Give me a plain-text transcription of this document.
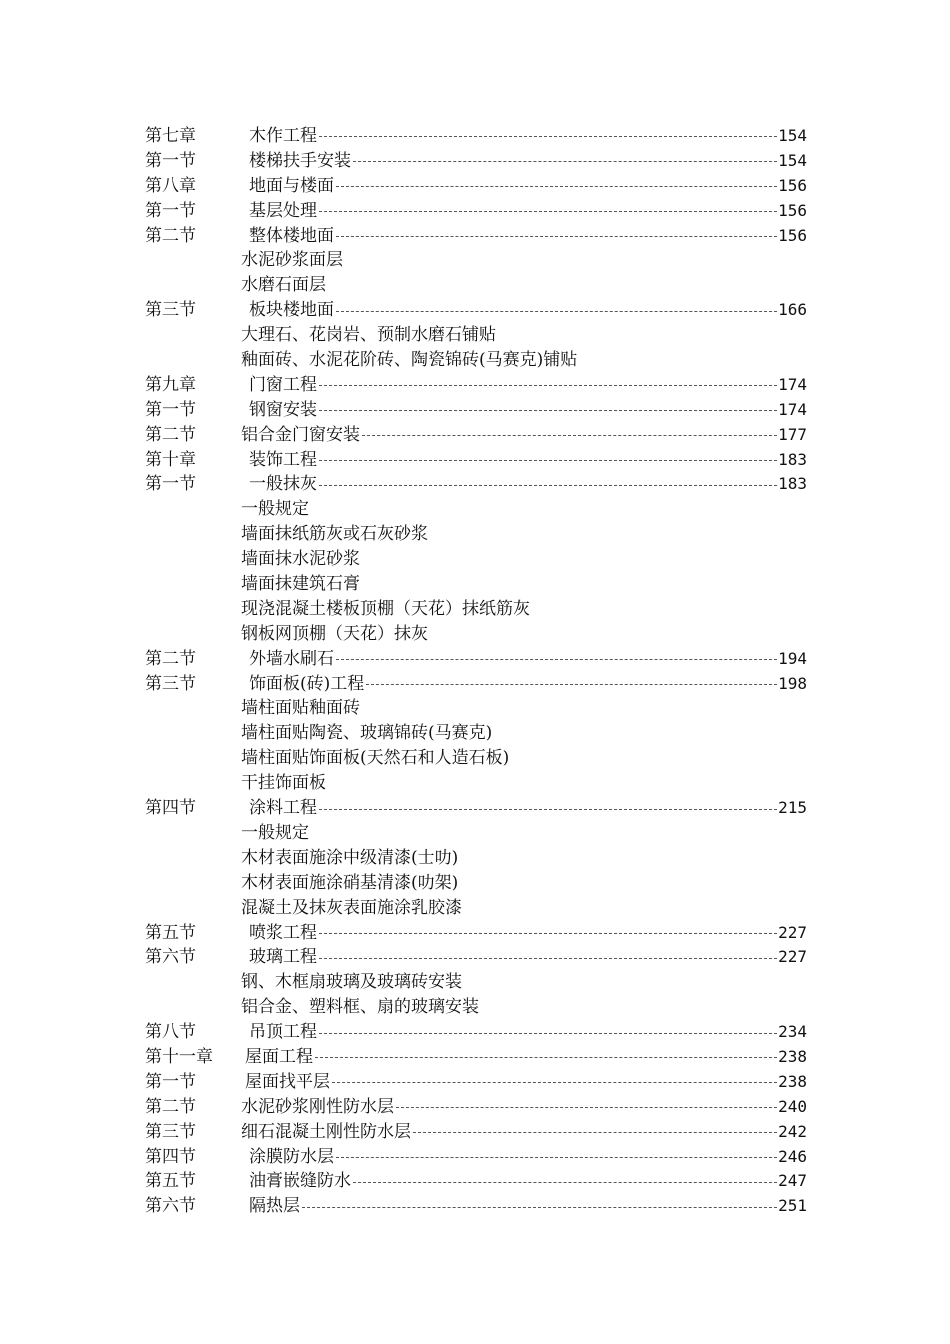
第七章	木作工程	154
第一节	楼梯扶手安装	154
第八章	地面与楼面	156
第一节	基层处理	156
第二节	整体楼地面	156
水泥砂浆面层
水磨石面层
第三节	板块楼地面	166
大理石、花岗岩、预制水磨石铺贴
釉面砖、水泥花阶砖、陶瓷锦砖(马赛克)铺贴
第九章	门窗工程	174
第一节	钢窗安装	174
第二节	铝合金门窗安装	177
第十章	装饰工程	183
第一节	一般抹灰	183
一般规定
墙面抹纸筋灰或石灰砂浆
墙面抹水泥砂浆
墙面抹建筑石膏
现浇混凝土楼板顶棚（天花）抹纸筋灰
钢板网顶棚（天花）抹灰
第二节	外墙水刷石	194
第三节	饰面板(砖)工程	198
墙柱面贴釉面砖
墙柱面贴陶瓷、玻璃锦砖(马赛克)
墙柱面贴饰面板(天然石和人造石板)
干挂饰面板
第四节	涂料工程	215
一般规定
木材表面施涂中级清漆(士叻)
木材表面施涂硝基清漆(叻架)
混凝土及抹灰表面施涂乳胶漆
第五节	喷浆工程	227
第六节	玻璃工程	227
钢、木框扇玻璃及玻璃砖安装
铝合金、塑料框、扇的玻璃安装
第八节	吊顶工程	234
第十一章 屋面工程	238
第一节	屋面找平层	238
第二节	水泥砂浆刚性防水层	240
第三节	细石混凝土刚性防水层	242
第四节	涂膜防水层	246
第五节	油膏嵌缝防水	247
第六节	隔热层	251
